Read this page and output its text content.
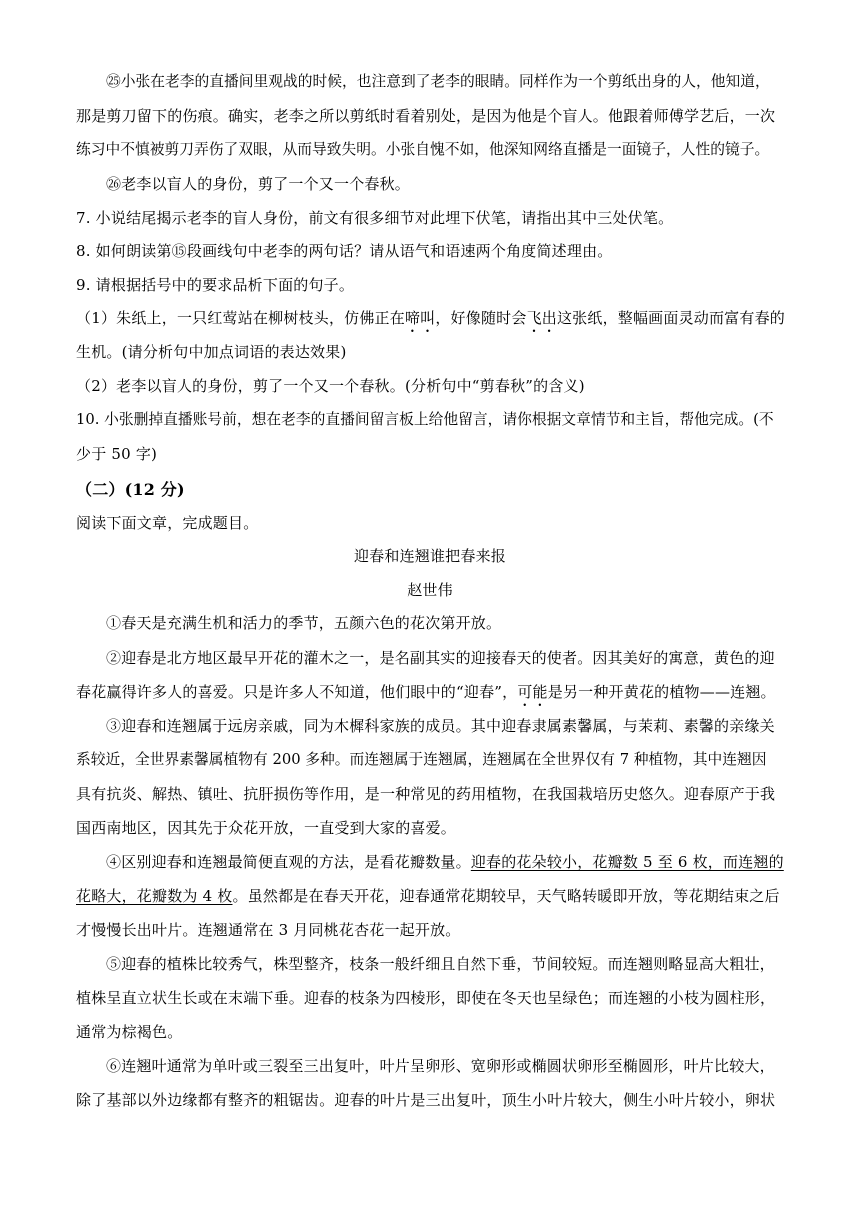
㉕小张在老李的直播间里观战的时候，也注意到了老李的眼睛。同样作为一个剪纸出身的人，他知道，
那是剪刀留下的伤痕。确实，老李之所以剪纸时看着别处，是因为他是个盲人。他跟着师傅学艺后，一次
练习中不慎被剪刀弄伤了双眼，从而导致失明。小张自愧不如，他深知网络直播是一面镜子，人性的镜子。
㉖老李以盲人的身份，剪了一个又一个春秋。
7. 小说结尾揭示老李的盲人身份，前文有很多细节对此埋下伏笔，请指出其中三处伏笔。
8. 如何朗读第⑮段画线句中老李的两句话？请从语气和语速两个角度简述理由。
9. 请根据括号中的要求品析下面的句子。
（1）朱纸上，一只红莺站在柳树枝头，仿佛正在啼叫，好像随时会飞出这张纸，整幅画面灵动而富有春的
生机。(请分析句中加点词语的表达效果)
（2）老李以盲人的身份，剪了一个又一个春秋。(分析句中“剪春秋”的含义)
10. 小张删掉直播账号前，想在老李的直播间留言板上给他留言，请你根据文章情节和主旨，帮他完成。(不
少于 50 字)
（二）(12 分)
阅读下面文章，完成题目。
迎春和连翘谁把春来报
赵世伟
①春天是充满生机和活力的季节，五颜六色的花次第开放。
②迎春是北方地区最早开花的灌木之一，是名副其实的迎接春天的使者。因其美好的寓意，黄色的迎
春花赢得许多人的喜爱。只是许多人不知道，他们眼中的“迎春”，可能是另一种开黄花的植物——连翘。
③迎春和连翘属于远房亲戚，同为木樨科家族的成员。其中迎春隶属素馨属，与茉莉、素馨的亲缘关
系较近，全世界素馨属植物有 200 多种。而连翘属于连翘属，连翘属在全世界仅有 7 种植物，其中连翘因
具有抗炎、解热、镇吐、抗肝损伤等作用，是一种常见的药用植物，在我国栽培历史悠久。迎春原产于我
国西南地区，因其先于众花开放，一直受到大家的喜爱。
④区别迎春和连翘最简便直观的方法，是看花瓣数量。迎春的花朵较小，花瓣数 5 至 6 枚，而连翘的
花略大，花瓣数为 4 枚。虽然都是在春天开花，迎春通常花期较早，天气略转暖即开放，等花期结束之后
才慢慢长出叶片。连翘通常在 3 月同桃花杏花一起开放。
⑤迎春的植株比较秀气，株型整齐，枝条一般纤细且自然下垂，节间较短。而连翘则略显高大粗壮，
植株呈直立状生长或在末端下垂。迎春的枝条为四棱形，即使在冬天也呈绿色；而连翘的小枝为圆柱形，
通常为棕褐色。
⑥连翘叶通常为单叶或三裂至三出复叶，叶片呈卵形、宽卵形或椭圆状卵形至椭圆形，叶片比较大，
除了基部以外边缘都有整齐的粗锯齿。迎春的叶片是三出复叶，顶生小叶片较大，侧生小叶片较小，卵状
